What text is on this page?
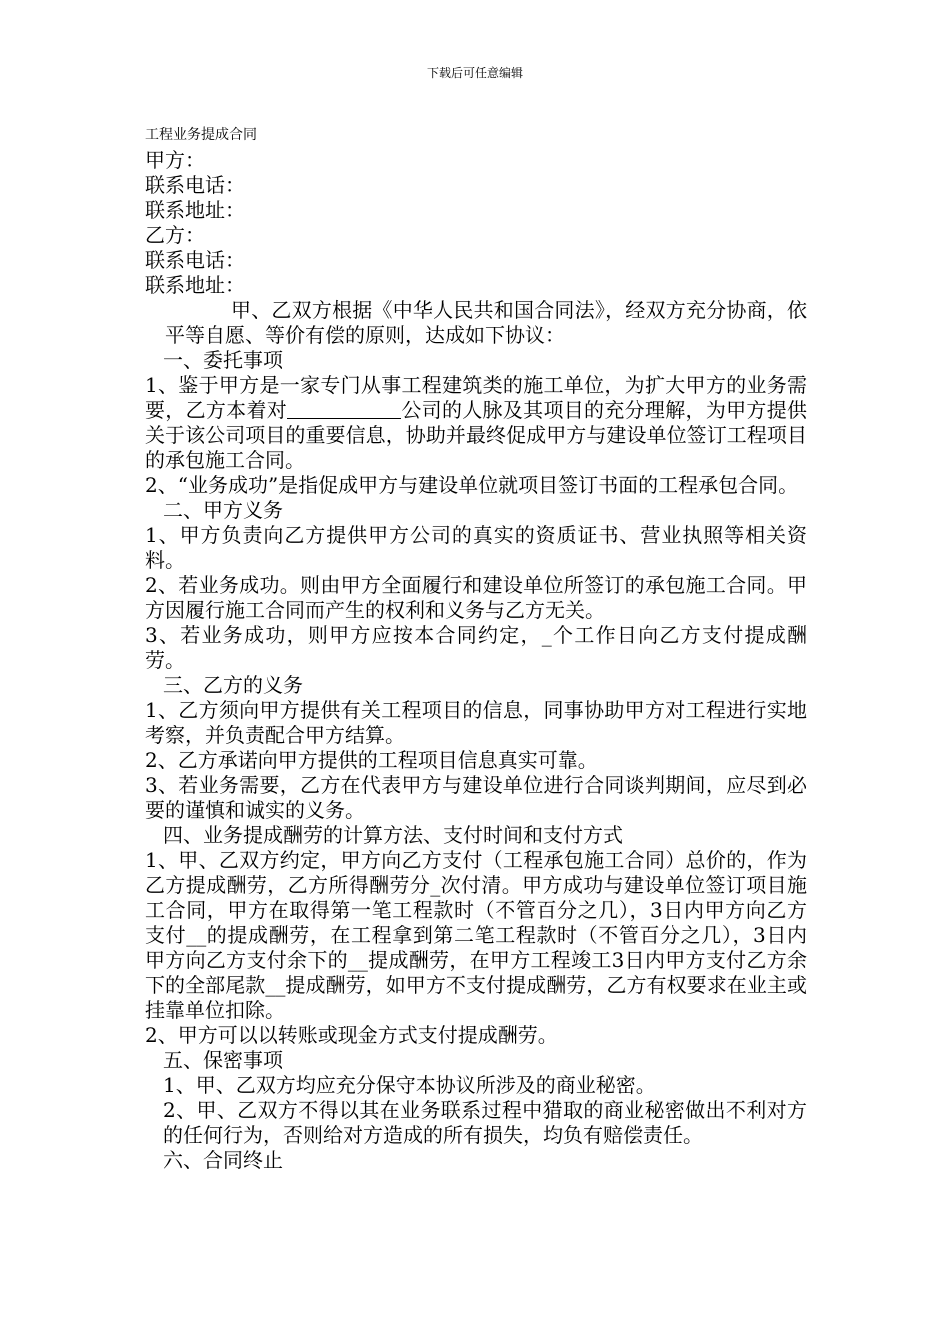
下载后可任意编辑
工程业务提成合同
甲方：
联系电话：
联系地址：
乙方：
联系电话：
联系地址：
甲、乙双方根据《中华人民共和国合同法》，经双方充分协商，依平等自愿、等价有偿的原则，达成如下协议：
一、委托事项
1、鉴于甲方是一家专门从事工程建筑类的施工单位，为扩大甲方的业务需要，乙方本着对	公司的人脉及其项目的充分理解，为甲方提供关于该公司项目的重要信息，协助并最终促成甲方与建设单位签订工程项目的承包施工合同。
2、“业务成功”是指促成甲方与建设单位就项目签订书面的工程承包合同。
二、甲方义务
1、甲方负责向乙方提供甲方公司的真实的资质证书、营业执照等相关资料。
2、若业务成功。则由甲方全面履行和建设单位所签订的承包施工合同。甲方因履行施工合同而产生的权利和义务与乙方无关。
3、若业务成功，则甲方应按本合同约定，_个工作日向乙方支付提成酬劳。
三、乙方的义务
1、乙方须向甲方提供有关工程项目的信息，同事协助甲方对工程进行实地考察，并负责配合甲方结算。
2、乙方承诺向甲方提供的工程项目信息真实可靠。
3、若业务需要，乙方在代表甲方与建设单位进行合同谈判期间，应尽到必要的谨慎和诚实的义务。
四、业务提成酬劳的计算方法、支付时间和支付方式
1、甲、乙双方约定，甲方向乙方支付（工程承包施工合同）总价的，作为乙方提成酬劳，乙方所得酬劳分_次付清。甲方成功与建设单位签订项目施工合同，甲方在取得第一笔工程款时（不管百分之几），3日内甲方向乙方支付__的提成酬劳，在工程拿到第二笔工程款时（不管百分之几），3日内甲方向乙方支付余下的__提成酬劳，在甲方工程竣工3日内甲方支付乙方余下的全部尾款__提成酬劳，如甲方不支付提成酬劳，乙方有权要求在业主或挂靠单位扣除。
2、甲方可以以转账或现金方式支付提成酬劳。
五、保密事项
1、甲、乙双方均应充分保守本协议所涉及的商业秘密。
2、甲、乙双方不得以其在业务联系过程中猎取的商业秘密做出不利对方的任何行为，否则给对方造成的所有损失，均负有赔偿责任。
六、合同终止
